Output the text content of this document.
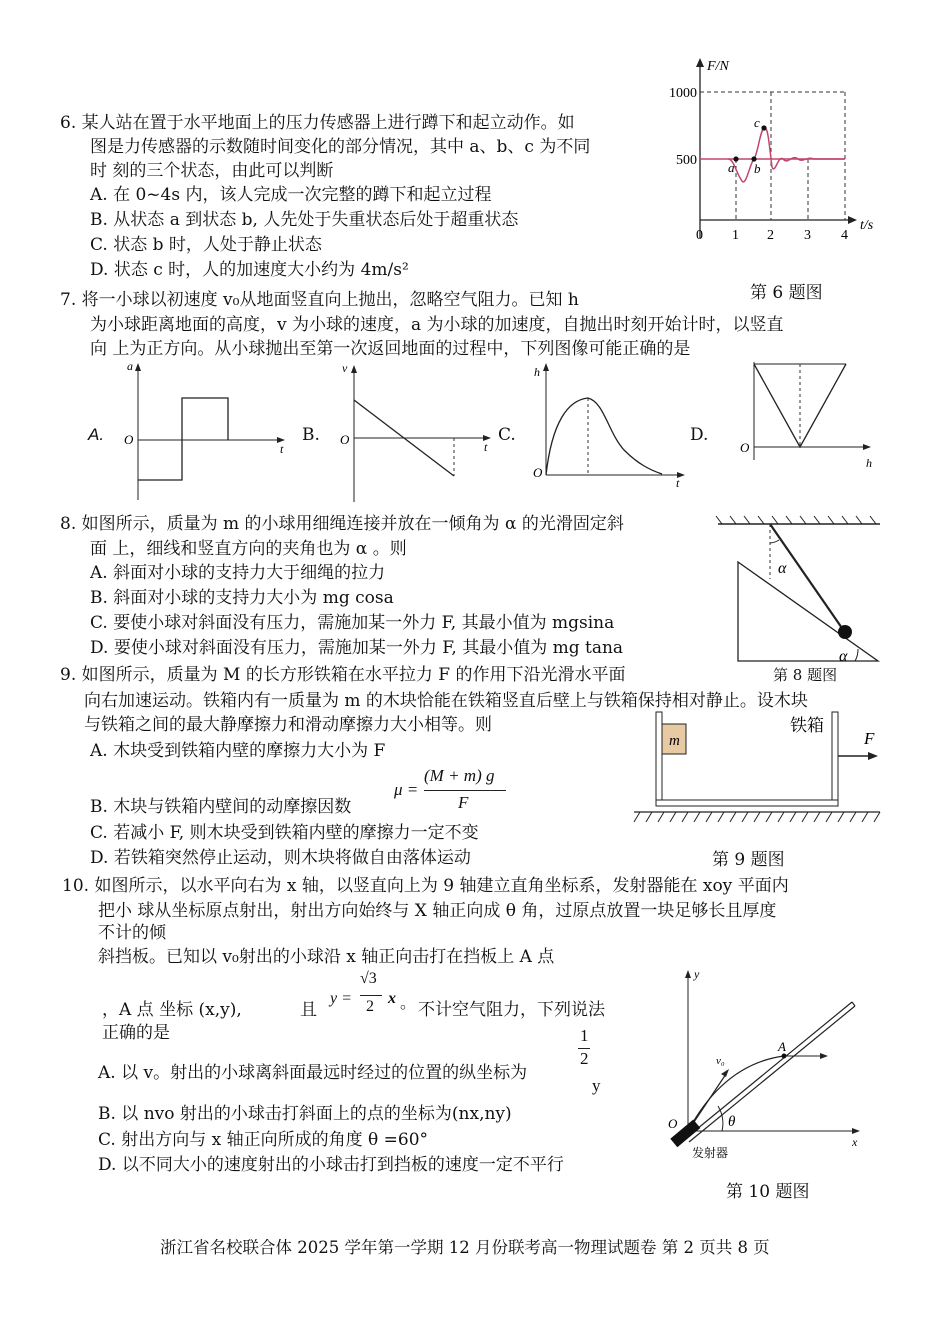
6. 某人站在置于水平地面上的压力传感器上进行蹲下和起立动作。如
图是力传感器的示数随时间变化的部分情况，其中 a、b、c 为不同
时 刻的三个状态，由此可以判断
A. 在 0~4s 内，该人完成一次完整的蹲下和起立过程
B. 从状态 a 到状态 b, 人先处于失重状态后处于超重状态
C. 状态 b 时，人处于静止状态
D. 状态 c 时，人的加速度大小约为 4m/s²
第 6 题图
F/N
t/s
1000
500
0 1 2 3 4
a b
c
7. 将一小球以初速度 v₀从地面竖直向上抛出，忽略空气阻力。已知 h
为小球距离地面的高度，v 为小球的速度，a 为小球的加速度，自抛出时刻开始计时，以竖直
向 上为正方向。从小球抛出至第一次返回地面的过程中，下列图像可能正确的是
A.
a
t
O	B.
v
t
O	C.
h
t
O
D.
h
O
8. 如图所示，质量为 m 的小球用细绳连接并放在一倾角为 α 的光滑固定斜
面 上，细线和竖直方向的夹角也为 α 。则
A. 斜面对小球的支持力大于细绳的拉力
B. 斜面对小球的支持力大小为 mg cosa
C. 要使小球对斜面没有压力，需施加某一外力 F, 其最小值为 mgsina
D. 要使小球对斜面没有压力，需施加某一外力 F, 其最小值为 mg tana
第 8 题图
α
α
9. 如图所示，质量为 M 的长方形铁箱在水平拉力 F 的作用下沿光滑水平面
向右加速运动。铁箱内有一质量为 m 的木块恰能在铁箱竖直后壁上与铁箱保持相对静止。设木块
与铁箱之间的最大静摩擦力和滑动摩擦力大小相等。则
A. 木块受到铁箱内壁的摩擦力大小为 F
B. 木块与铁箱内壁间的动摩擦因数
μ =
(M + m) g
F
C. 若减小 F, 则木块受到铁箱内壁的摩擦力一定不变
D. 若铁箱突然停止运动，则木块将做自由落体运动	第 9 题图
m
铁箱
F
10. 如图所示，以水平向右为 x 轴，以竖直向上为 9 轴建立直角坐标系，发射器能在 xoy 平面内
把小 球从坐标原点射出，射出方向始终与 X 轴正向成 θ 角，过原点放置一块足够长且厚度
不计的倾
斜挡板。已知以 v₀射出的小球沿 x 轴正向击打在挡板上 A 点
，A 点 坐标 (x,y),	且
y =
√3
2 x 。 不计空气阻力，下列说法
正确的是
A. 以 v。射出的小球离斜面最远时经过的位置的纵坐标为
1
2
y
B. 以 nvo 射出的小球击打斜面上的点的坐标为(nx,ny)
C. 射出方向与 x 轴正向所成的角度 θ =60°
D. 以不同大小的速度射出的小球击打到挡板的速度一定不平行
第 10 题图
y
x
O
v₀
A
θ
发射器
浙江省名校联合体 2025 学年第一学期 12 月份联考高一物理试题卷 第 2 页共 8 页
